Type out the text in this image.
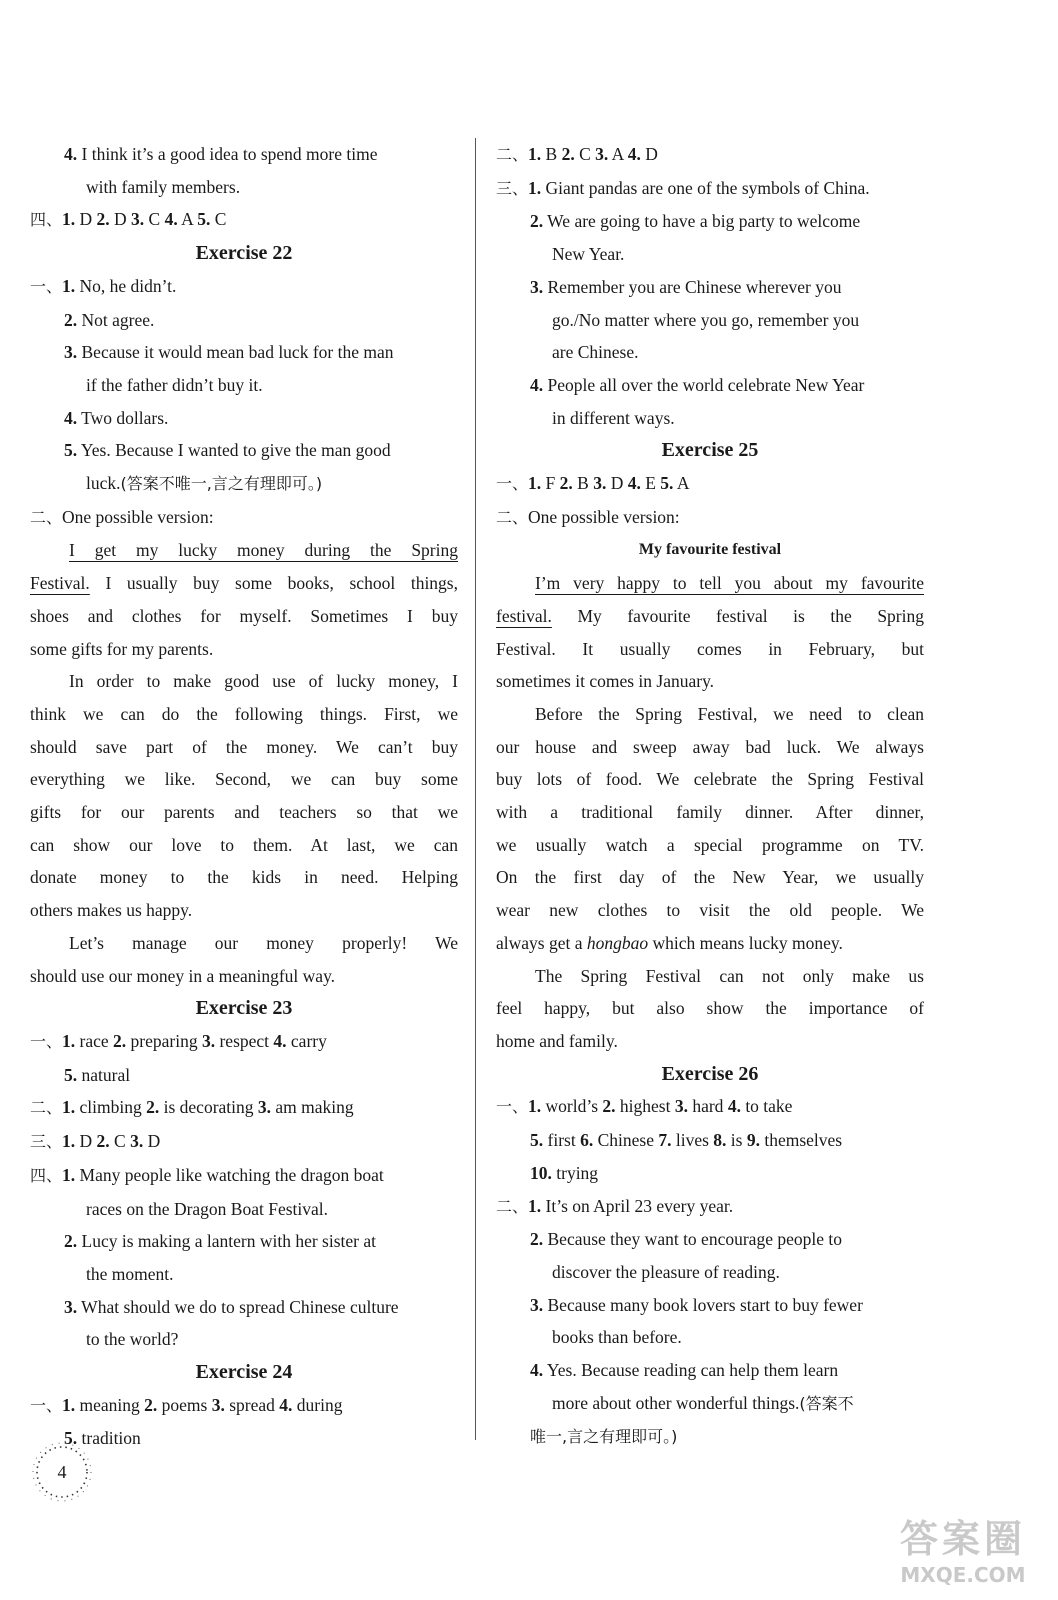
4. I think it’s a good idea to spend more time
with family members.
四、1. D 2. D 3. C 4. A 5. C
Exercise 22
一、1. No, he didn’t.
2. Not agree.
3. Because it would mean bad luck for the man
if the father didn’t buy it.
4. Two dollars.
5. Yes. Because I wanted to give the man good
luck.(答案不唯一,言之有理即可。)
二、One possible version:
I get my lucky money during the Spring
Festival. I usually buy some books, school things,
shoes and clothes for myself. Sometimes I buy
some gifts for my parents.
In order to make good use of lucky money, I
think we can do the following things. First, we
should save part of the money. We can’t buy
everything we like. Second, we can buy some
gifts for our parents and teachers so that we
can show our love to them. At last, we can
donate money to the kids in need. Helping
others makes us happy.
Let’s manage our money properly! We
should use our money in a meaningful way.
Exercise 23
一、1. race 2. preparing 3. respect 4. carry
5. natural
二、1. climbing 2. is decorating 3. am making
三、1. D 2. C 3. D
四、1. Many people like watching the dragon boat
races on the Dragon Boat Festival.
2. Lucy is making a lantern with her sister at
the moment.
3. What should we do to spread Chinese culture
to the world?
Exercise 24
一、1. meaning 2. poems 3. spread 4. during
5. tradition
二、1. B 2. C 3. A 4. D
三、1. Giant pandas are one of the symbols of China.
2. We are going to have a big party to welcome
New Year.
3. Remember you are Chinese wherever you
go./No matter where you go, remember you
are Chinese.
4. People all over the world celebrate New Year
in different ways.
Exercise 25
一、1. F 2. B 3. D 4. E 5. A
二、One possible version:
My favourite festival
I’m very happy to tell you about my favourite
festival. My favourite festival is the Spring
Festival. It usually comes in February, but
sometimes it comes in January.
Before the Spring Festival, we need to clean
our house and sweep away bad luck. We always
buy lots of food. We celebrate the Spring Festival
with a traditional family dinner. After dinner,
we usually watch a special programme on TV.
On the first day of the New Year, we usually
wear new clothes to visit the old people. We
always get a hongbao which means lucky money.
The Spring Festival can not only make us
feel happy, but also show the importance of
home and family.
Exercise 26
一、1. world’s 2. highest 3. hard 4. to take
5. first 6. Chinese 7. lives 8. is 9. themselves
10. trying
二、1. It’s on April 23 every year.
2. Because they want to encourage people to
discover the pleasure of reading.
3. Because many book lovers start to buy fewer
books than before.
4. Yes. Because reading can help them learn
more about other wonderful things.(答案不
唯一,言之有理即可。)
4
答案圈
MXQE.COM
